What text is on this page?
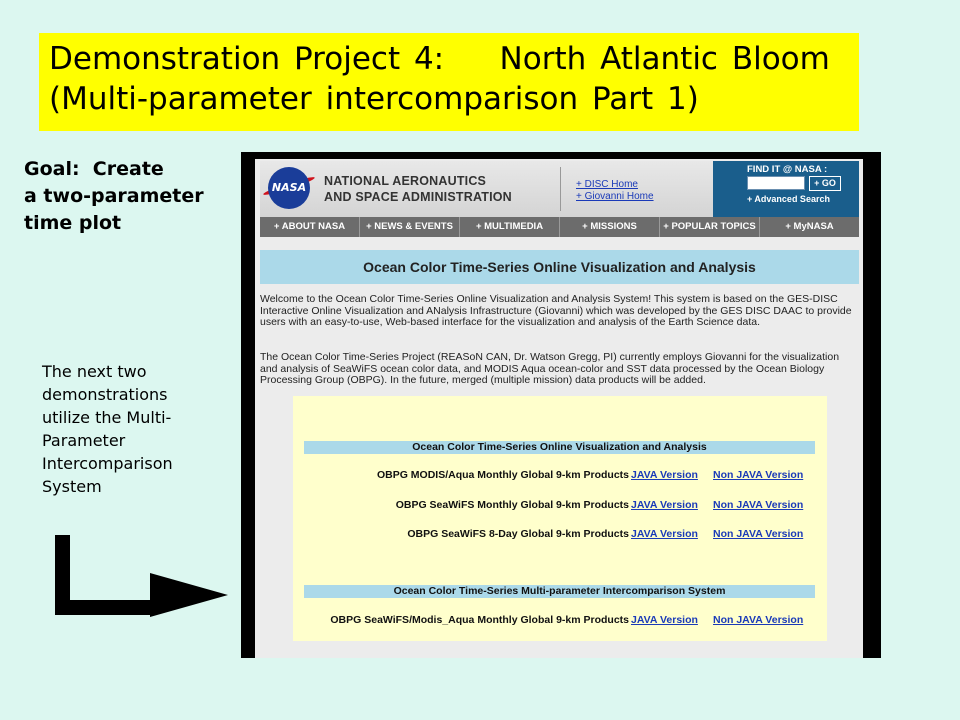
Demonstration Project 4:    North Atlantic Bloom
(Multi-parameter intercomparison Part 1)
Goal:  Create
a two-parameter
time plot
The next two
demonstrations
utilize the Multi-
Parameter
Intercomparison
System
NASA	NATIONAL AERONAUTICS
AND SPACE ADMINISTRATION
+ DISC Home
+ Giovanni Home
FIND IT @ NASA :
+ GO
+ Advanced Search
+ ABOUT NASA	+ NEWS & EVENTS	+ MULTIMEDIA	+ MISSIONS	+ POPULAR TOPICS	+ MyNASA
Ocean Color Time-Series Online Visualization and Analysis
Welcome to the Ocean Color Time-Series Online Visualization and Analysis System! This system is based on the GES-DISC Interactive Online Visualization and ANalysis Infrastructure (Giovanni) which was developed by the GES DISC DAAC to provide users with an easy-to-use, Web-based interface for the visualization and analysis of the Earth Science data.
The Ocean Color Time-Series Project (REASoN CAN, Dr. Watson Gregg, PI) currently employs Giovanni for the visualization and analysis of SeaWiFS ocean color data, and MODIS Aqua ocean-color and SST data processed by the Ocean Biology Processing Group (OBPG). In the future, merged (multiple mission) data products will be added.
Ocean Color Time-Series Online Visualization and Analysis
OBPG MODIS/Aqua Monthly Global 9-km Products JAVA Version Non JAVA Version
OBPG SeaWiFS Monthly Global 9-km Products JAVA Version Non JAVA Version
OBPG SeaWiFS 8-Day Global 9-km Products JAVA Version Non JAVA Version
Ocean Color Time-Series Multi-parameter Intercomparison System
OBPG SeaWiFS/Modis_Aqua Monthly Global 9-km Products JAVA Version Non JAVA Version
